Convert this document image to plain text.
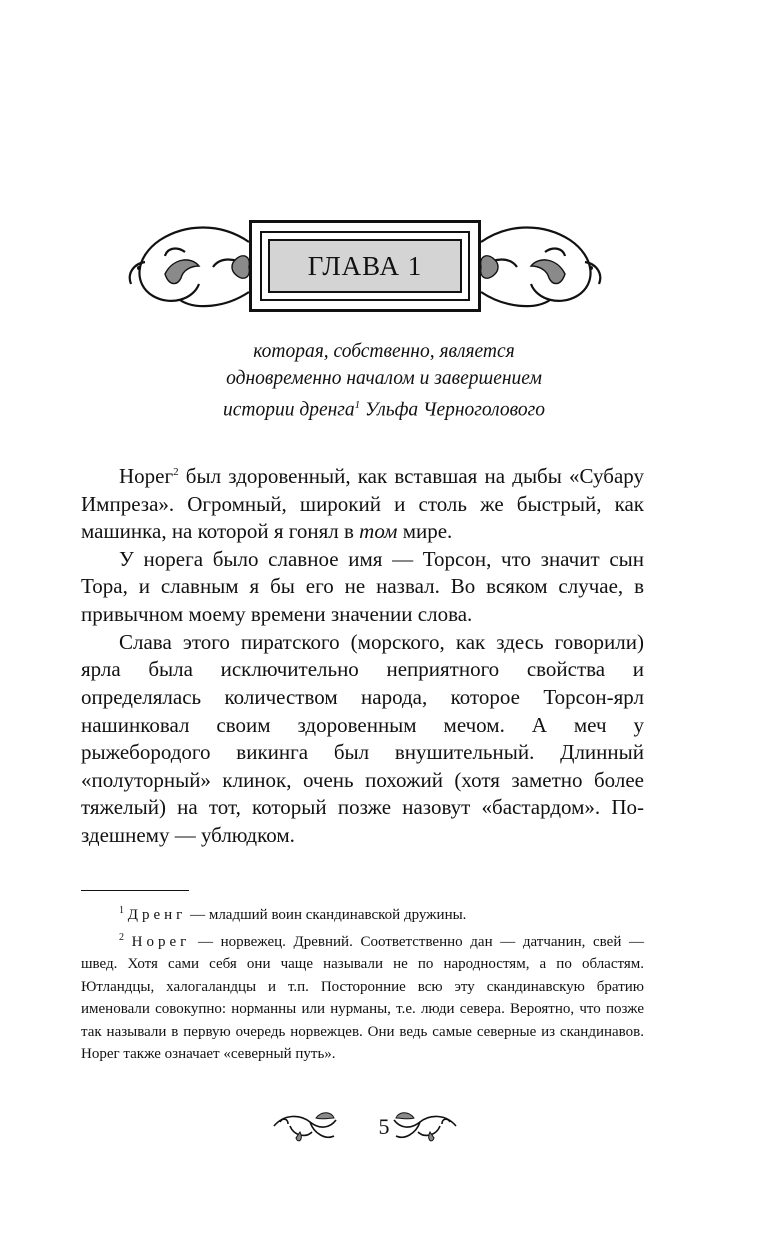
ГЛАВА 1
которая, собственно, является
одновременно началом и завершением
истории дренга$^1$ Ульфа Черноголового

Норег$^2$ был здоровенный, как вставшая на дыбы «Субару Импреза». Огромный, широкий и столь же быстрый, как машинка, на которой я гонял в том мире.

У норега было славное имя — Торсон, что значит сын Тора, и славным я бы его не назвал. Во всяком случае, в привычном моему времени значении слова.

Слава этого пиратского (морского, как здесь говорили) ярла была исключительно неприятного свойства и определялась количеством народа, которое Торсон-ярл нашинковал своим здоровенным мечом. А меч у рыжебородого викинга был внушительный. Длинный «полуторный» клинок, очень похожий (хотя заметно более тяжелый) на тот, который позже назовут «бастардом». По-здешнему — ублюдком.

$^1$ Дренг — младший воин скандинавской дружины.

$^2$ Норег — норвежец. Древний. Соответственно дан — датчанин, свей — швед. Хотя сами себя они чаще называли не по народностям, а по областям. Ютландцы, халогаландцы и т.п. Посторонние всю эту скандинавскую братию именовали совокупно: норманны или нурманы, т.е. люди севера. Вероятно, что позже так называли в первую очередь норвежцев. Они ведь самые северные из скандинавов. Норег также означает «северный путь».

5
